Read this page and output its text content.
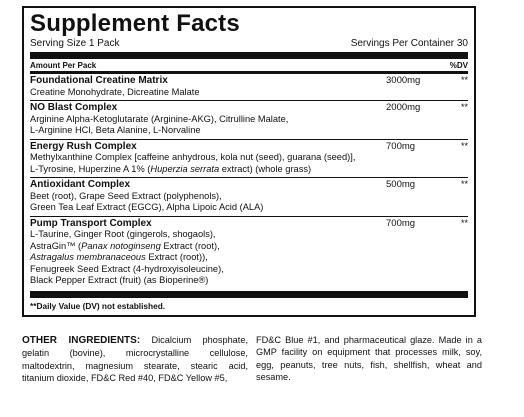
Supplement Facts
Serving Size 1 Pack	Servings Per Container 30
Amount Per Pack	%DV
Foundational Creatine Matrix	3000mg	**
Creatine Monohydrate, Dicreatine Malate
NO Blast Complex	2000mg	**
Arginine Alpha-Ketoglutarate (Arginine-AKG), Citrulline Malate,
L-Arginine HCl, Beta Alanine, L-Norvaline
Energy Rush Complex	700mg	**
Methylxanthine Complex [caffeine anhydrous, kola nut (seed), guarana (seed)],
L-Tyrosine, Huperzine A 1% (Huperzia serrata extract) (whole grass)
Antioxidant Complex	500mg	**
Beet (root), Grape Seed Extract (polyphenols),
Green Tea Leaf Extract (EGCG), Alpha Lipoic Acid (ALA)
Pump Transport Complex	700mg	**
L-Taurine, Ginger Root (gingerols, shogaols),
AstraGin™ (Panax notoginseng Extract (root),
Astragalus membranaceous Extract (root)),
Fenugreek Seed Extract (4-hydroxyisoleucine),
Black Pepper Extract (fruit) (as Bioperine®)
**Daily Value (DV) not established.
OTHER INGREDIENTS: Dicalcium phosphate, gelatin (bovine), microcrystalline cellulose, maltodextrin, magnesium stearate, stearic acid, titanium dioxide, FD&C Red #40, FD&C Yellow #5,
FD&C Blue #1, and pharmaceutical glaze. Made in a GMP facility on equipment that processes milk, soy, egg, peanuts, tree nuts, fish, shellfish, wheat and sesame.
